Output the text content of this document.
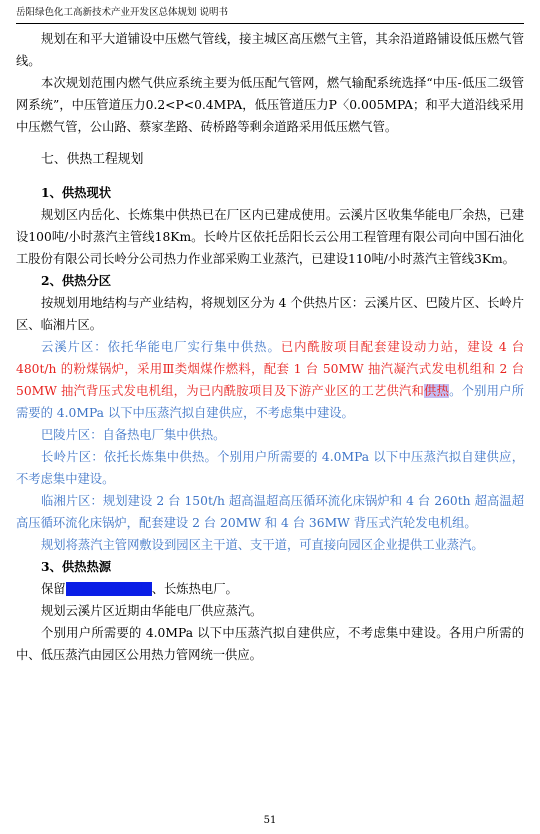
岳阳绿色化工高新技术产业开发区总体规划 说明书

规划在和平大道铺设中压燃气管线，接主城区高压燃气主管，其余沿道路铺设低压燃气管线。

本次规划范围内燃气供应系统主要为低压配气管网，燃气输配系统选择“中压-低压二级管网系统”，中压管道压力0.2<P<0.4MPA，低压管道压力P〈0.005MPA；和平大道沿线采用中压燃气管，公山路、蔡家垄路、砖桥路等剩余道路采用低压燃气管。

七、供热工程规划
1、供热现状

规划区内岳化、长炼集中供热已在厂区内已建成使用。云溪片区收集华能电厂余热，已建设100吨/小时蒸汽主管线18Km。长岭片区依托岳阳长云公用工程管理有限公司向中国石油化工股份有限公司长岭分公司热力作业部采购工业蒸汽，已建设110吨/小时蒸汽主管线3Km。

2、供热分区

按规划用地结构与产业结构，将规划区分为 4 个供热片区：云溪片区、巴陵片区、长岭片区、临湘片区。

云溪片区：依托华能电厂实行集中供热。已内酰胺项目配套建设动力站，建设 4 台 480t/h 的粉煤锅炉，采用Ⅲ类烟煤作燃料，配套 1 台 50MW 抽汽凝汽式发电机组和 2 台 50MW 抽汽背压式发电机组，为已内酰胺项目及下游产业区的工艺供汽和供热。个别用户所需要的 4.0MPa 以下中压蒸汽拟自建供应，不考虑集中建设。

巴陵片区：自备热电厂集中供热。

长岭片区：依托长炼集中供热。个别用户所需要的 4.0MPa 以下中压蒸汽拟自建供应，不考虑集中建设。

临湘片区：规划建设 2 台 150t/h 超高温超高压循环流化床锅炉和 4 台 260th 超高温超高压循环流化床锅炉，配套建设 2 台 20MW 和 4 台 36MW 背压式汽轮发电机组。

规划将蒸汽主管网敷设到园区主干道、支干道，可直接向园区企业提供工业蒸汽。

3、供热热源

保留巴陵石化热电厂、长炼热电厂。

规划云溪片区近期由华能电厂供应蒸汽。

个别用户所需要的 4.0MPa 以下中压蒸汽拟自建供应，不考虑集中建设。各用户所需的中、低压蒸汽由园区公用热力管网统一供应。

51
